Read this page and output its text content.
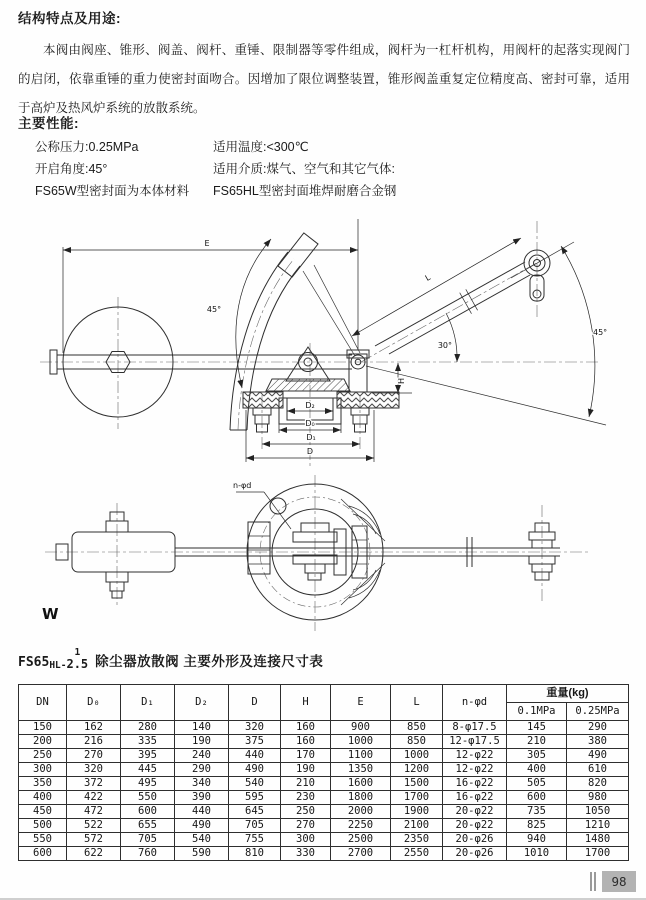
结构特点及用途:
本阀由阀座、锥形、阀盖、阀杆、重锤、限制器等零件组成，阀杆为一杠杆机构，用阀杆的起落实现阀门的启闭，依靠重锤的重力使密封面吻合。因增加了限位调整装置，锥形阀盖重复定位精度高、密封可靠，适用于高炉及热风炉系统的放散系统。
主要性能:
公称压力:0.25MPa	适用温度:<300℃
开启角度:45°	适用介质:煤气、空气和其它气体:
FS65W型密封面为本体材料	FS65HL型密封面堆焊耐磨合金钢
45°
E
L
30°
45°
H
D₂
D₀
D₁
D
n-φd
W
FS65 HL-
1
2.5 除尘器放散阀 主要外形及连接尺寸表
DN	D₀	D₁	D₂	D	H	E	L	n-φd	重量(kg)	
									0.1MPa	0.25MPa
150	162	280	140	320	160	900	850	8-φ17.5	145	290
200	216	335	190	375	160	1000	850	12-φ17.5	210	380
250	270	395	240	440	170	1100	1000	12-φ22	305	490
300	320	445	290	490	190	1350	1200	12-φ22	400	610
350	372	495	340	540	210	1600	1500	16-φ22	505	820
400	422	550	390	595	230	1800	1700	16-φ22	600	980
450	472	600	440	645	250	2000	1900	20-φ22	735	1050
500	522	655	490	705	270	2250	2100	20-φ22	825	1210
550	572	705	540	755	300	2500	2350	20-φ26	940	1480
600	622	760	590	810	330	2700	2550	20-φ26	1010	1700
98
